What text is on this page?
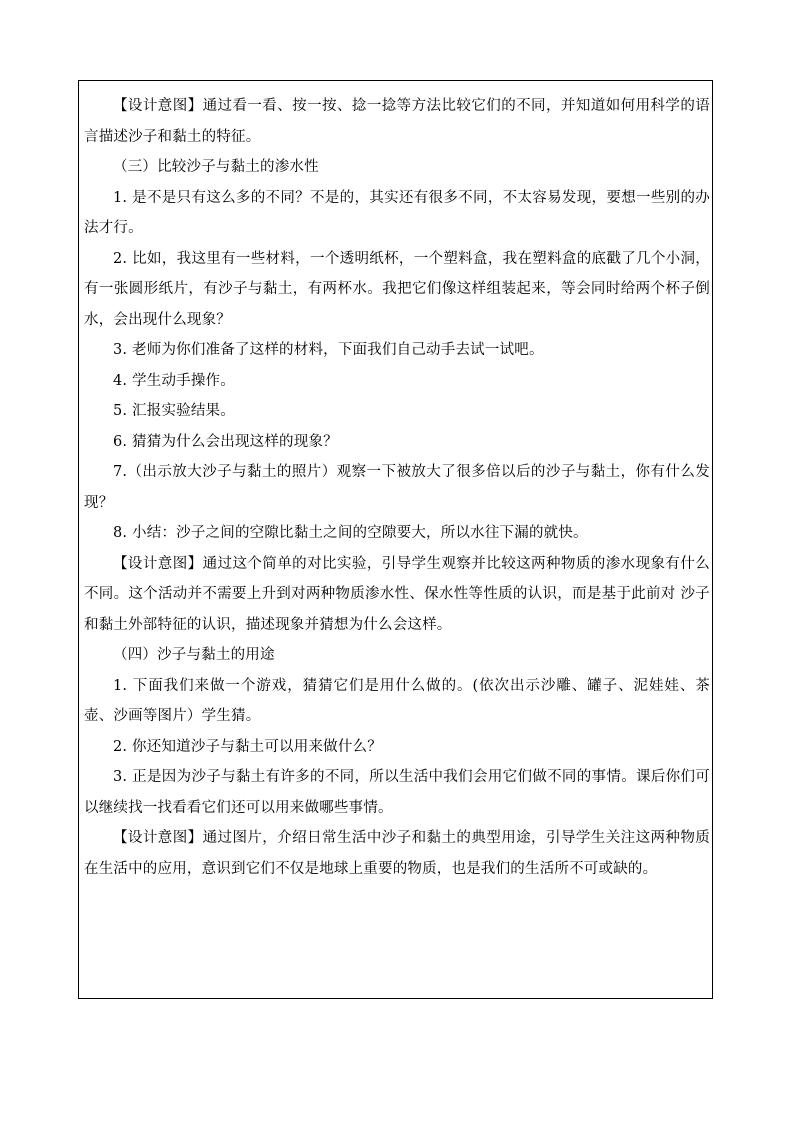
【设计意图】通过看一看、按一按、捻一捻等方法比较它们的不同，并知道如何用科学的语言描述沙子和黏土的特征。

（三）比较沙子与黏土的渗水性

1. 是不是只有这么多的不同？不是的，其实还有很多不同，不太容易发现，要想一些别的办法才行。

2. 比如，我这里有一些材料，一个透明纸杯，一个塑料盒，我在塑料盒的底戳了几个小洞，  有一张圆形纸片，有沙子与黏土，有两杯水。我把它们像这样组装起来，等会同时给两个杯子倒水，会出现什么现象？

3. 老师为你们准备了这样的材料，下面我们自己动手去试一试吧。

4. 学生动手操作。

5. 汇报实验结果。

6. 猜猜为什么会出现这样的现象？

7.（出示放大沙子与黏土的照片）观察一下被放大了很多倍以后的沙子与黏土，你有什么发现？

8. 小结：沙子之间的空隙比黏土之间的空隙要大，所以水往下漏的就快。

【设计意图】通过这个简单的对比实验，引导学生观察并比较这两种物质的渗水现象有什么 不同。这个活动并不需要上升到对两种物质渗水性、保水性等性质的认识，而是基于此前对 沙子和黏土外部特征的认识，描述现象并猜想为什么会这样。

（四）沙子与黏土的用途

1. 下面我们来做一个游戏，猜猜它们是用什么做的。(依次出示沙雕、罐子、泥娃娃、茶壶、沙画等图片）学生猜。

2. 你还知道沙子与黏土可以用来做什么？

3. 正是因为沙子与黏土有许多的不同，所以生活中我们会用它们做不同的事情。课后你们可以继续找一找看看它们还可以用来做哪些事情。

【设计意图】通过图片，介绍日常生活中沙子和黏土的典型用途，引导学生关注这两种物质在生活中的应用，意识到它们不仅是地球上重要的物质，也是我们的生活所不可或缺的。
